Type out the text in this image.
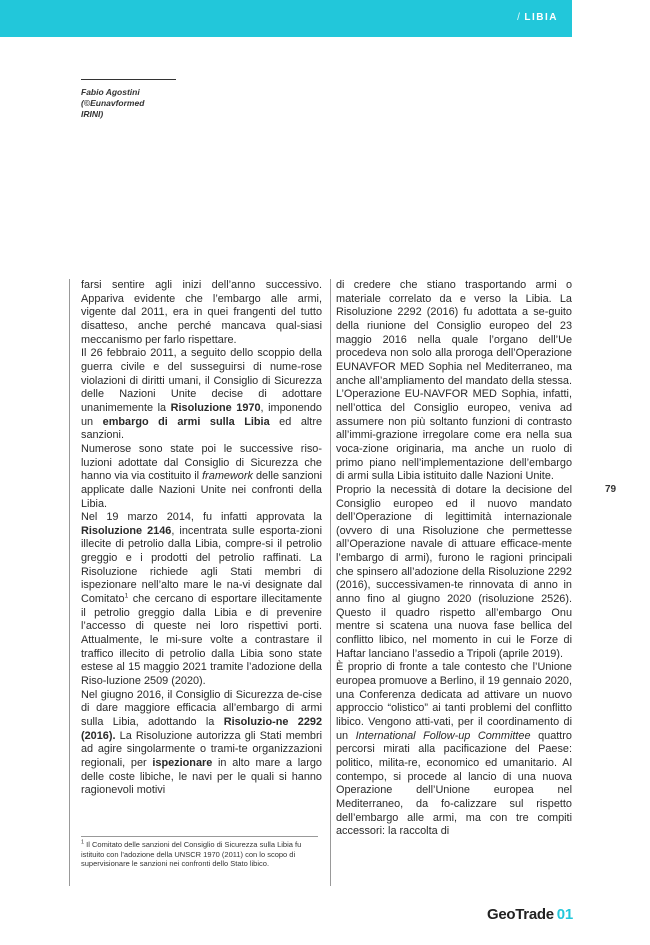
/ LIBIA
Fabio Agostini
(©Eunavformed
IRINI)

farsi sentire agli inizi dell’anno successivo. Apparivа evidente che l’embargo alle armi, vigente dal 2011, era in quei frangenti del tutto disatteso, anche perché mancava qual-siasi meccanismo per farlo rispettare.

Il 26 febbraio 2011, a seguito dello scoppio della guerra civile e del susseguirsi di nume-rose violazioni di diritti umani, il Consiglio di Sicurezza delle Nazioni Unite decise di adottare unanimemente la Risoluzione 1970, imponendo un embargo di armi sulla Libia ed altre sanzioni.

Numerose sono state poi le successive riso-luzioni adottate dal Consiglio di Sicurezza che hanno via via costituito il framework delle sanzioni applicate dalle Nazioni Unite nei confronti della Libia.

Nel 19 marzo 2014, fu infatti approvata la Risoluzione 2146, incentrata sulle esporta-zioni illecite di petrolio dalla Libia, compre-si il petrolio greggio e i prodotti del petrolio raffinati. La Risoluzione richiede agli Stati membri di ispezionare nell’alto mare le na-vi designate dal Comitato$^1$ che cercano di esportare illecitamente il petrolio greggio dalla Libia e di prevenire l’accesso di queste nei loro rispettivi porti. Attualmente, le mi-sure volte a contrastare il traffico illecito di petrolio dalla Libia sono state estese al 15 maggio 2021 tramite l’adozione della Riso-luzione 2509 (2020).

Nel giugno 2016, il Consiglio di Sicurezza de-cise di dare maggiore efficacia all’embargo di armi sulla Libia, adottando la Risoluzio-ne 2292 (2016). La Risoluzione autorizza gli Stati membri ad agire singolarmente o trami-te organizzazioni regionali, per ispezionare in alto mare a largo delle coste libiche, le navi per le quali si hanno ragionevoli motivi

di credere che stiano trasportando armi o materiale correlato da e verso la Libia. La Risoluzione 2292 (2016) fu adottata a se-guito della riunione del Consiglio europeo del 23 maggio 2016 nella quale l’organo dell’Ue procedeva non solo alla proroga dell’Operazione EUNAVFOR MED Sophia nel Mediterraneo, ma anche all’ampliamento del mandato della stessa. L’Operazione EU-NAVFOR MED Sophia, infatti, nell’ottica del Consiglio europeo, veniva ad assumere non più soltanto funzioni di contrasto all’immi-grazione irregolare come era nella sua voca-zione originaria, ma anche un ruolo di primo piano nell’implementazione dell’embargo di armi sulla Libia istituito dalle Nazioni Unite.

Proprio la necessità di dotare la decisione del Consiglio europeo ed il nuovo mandato dell’Operazione di legittimità internazionale (ovvero di una Risoluzione che permettesse all’Operazione navale di attuare efficace-mente l’embargo di armi), furono le ragioni principali che spinsero all’adozione della Risoluzione 2292 (2016), successivamen-te rinnovata di anno in anno fino al giugno 2020 (risoluzione 2526). Questo il quadro rispetto all’embargo Onu mentre si scatena una nuova fase bellica del conflitto libico, nel momento in cui le Forze di Haftar lanciano l’assedio a Tripoli (aprile 2019).

È proprio di fronte a tale contesto che l’Unione europea promuove a Berlino, il 19 gennaio 2020, una Conferenza dedicata ad attivare un nuovo approccio “olistico” ai tanti problemi del conflitto libico. Vengono atti-vati, per il coordinamento di un International Follow-up Committee quattro percorsi mirati alla pacificazione del Paese: politico, milita-re, economico ed umanitario. Al contempo, si procede al lancio di una nuova Operazione dell’Unione europea nel Mediterraneo, da fo-calizzare sul rispetto dell’embargo alle armi, ma con tre compiti accessori: la raccolta di

$^1$ Il Comitato delle sanzioni del Consiglio di Sicurezza sulla Libia fu istituito con l’adozione della UNSCR 1970 (2011) con lo scopo di supervisionare le sanzioni nei confronti dello Stato libico.
79
GeoTrade 01
